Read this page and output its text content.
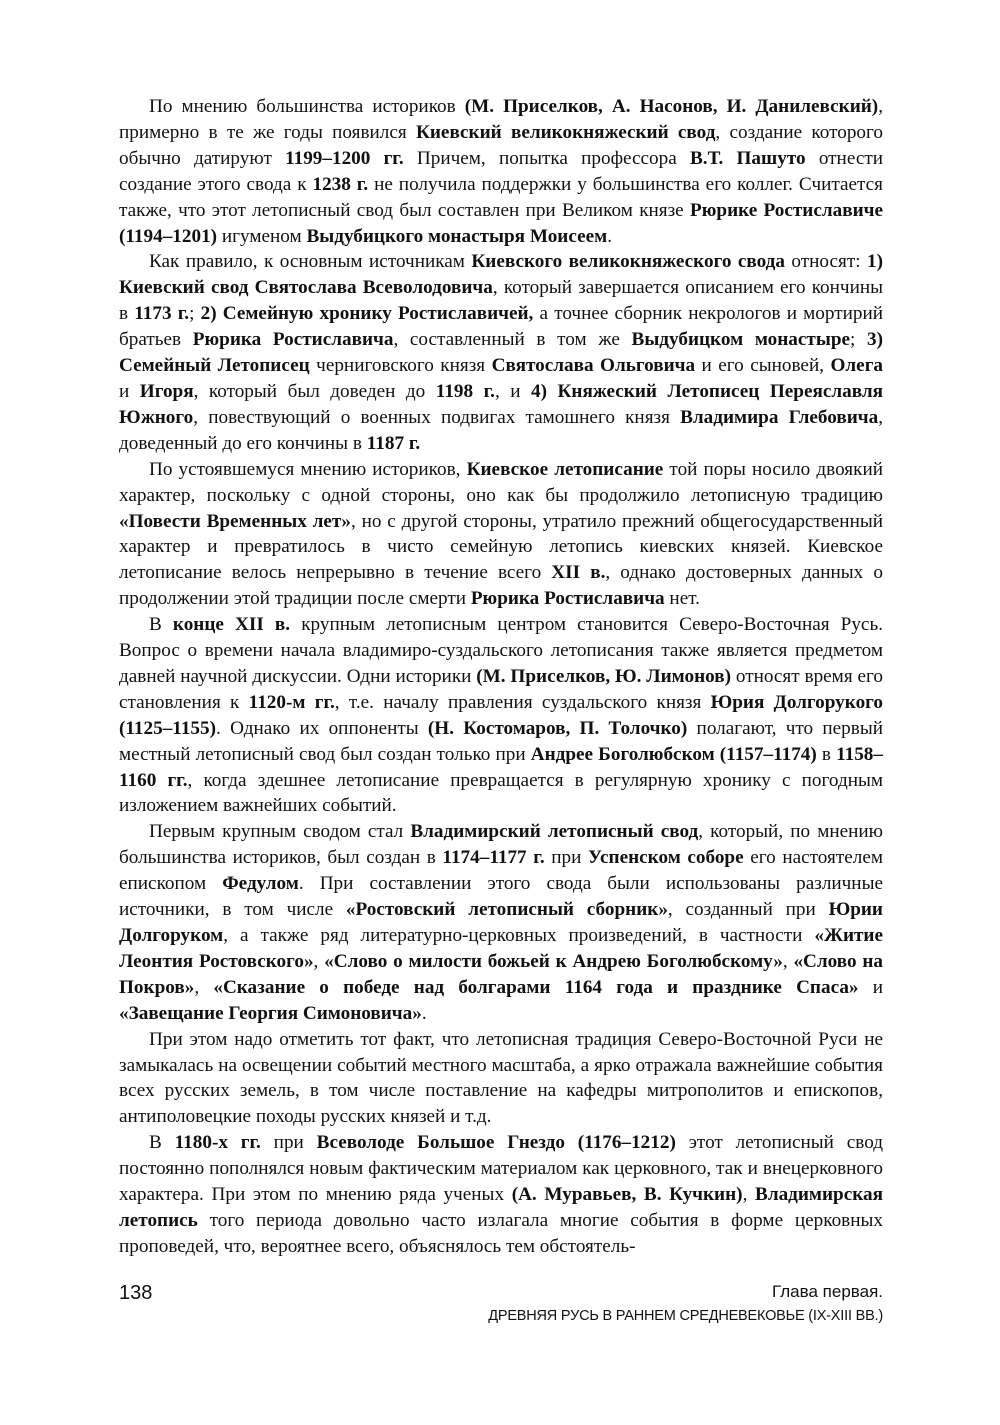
По мнению большинства историков (М. Приселков, А. Насонов, И. Данилевский), примерно в те же годы появился Киевский великокняжеский свод, создание которого обычно датируют 1199–1200 гг. Причем, попытка профессора В.Т. Пашуто отнести создание этого свода к 1238 г. не получила поддержки у большинства его коллег. Считается также, что этот летописный свод был составлен при Великом князе Рюрике Ростиславиче (1194–1201) игуменом Выдубицкого монастыря Моисеем.

Как правило, к основным источникам Киевского великокняжеского свода относят: 1) Киевский свод Святослава Всеволодовича, который завершается описанием его кончины в 1173 г.; 2) Семейную хронику Ростиславичей, а точнее сборник некрологов и мортирий братьев Рюрика Ростиславича, составленный в том же Выдубицком монастыре; 3) Семейный Летописец черниговского князя Святослава Ольговича и его сыновей, Олега и Игоря, который был доведен до 1198 г., и 4) Княжеский Летописец Переяславля Южного, повествующий о военных подвигах тамошнего князя Владимира Глебовича, доведенный до его кончины в 1187 г.

По устоявшемуся мнению историков, Киевское летописание той поры носило двоякий характер, поскольку с одной стороны, оно как бы продолжило летописную традицию «Повести Временных лет», но с другой стороны, утратило прежний общегосударственный характер и превратилось в чисто семейную летопись киевских князей. Киевское летописание велось непрерывно в течение всего XII в., однако достоверных данных о продолжении этой традиции после смерти Рюрика Ростиславича нет.

В конце XII в. крупным летописным центром становится Северо-Восточная Русь. Вопрос о времени начала владимиро-суздальского летописания также является предметом давней научной дискуссии. Одни историки (М. Приселков, Ю. Лимонов) относят время его становления к 1120-м гг., т.е. началу правления суздальского князя Юрия Долгорукого (1125–1155). Однако их оппоненты (Н. Костомаров, П. Толочко) полагают, что первый местный летописный свод был создан только при Андрее Боголюбском (1157–1174) в 1158–1160 гг., когда здешнее летописание превращается в регулярную хронику с погодным изложением важнейших событий.

Первым крупным сводом стал Владимирский летописный свод, который, по мнению большинства историков, был создан в 1174–1177 г. при Успенском соборе его настоятелем епископом Федулом. При составлении этого свода были использованы различные источники, в том числе «Ростовский летописный сборник», созданный при Юрии Долгоруком, а также ряд литературно-церковных произведений, в частности «Житие Леонтия Ростовского», «Слово о милости божьей к Андрею Боголюбскому», «Слово на Покров», «Сказание о победе над болгарами 1164 года и празднике Спаса» и «Завещание Георгия Симоновича».

При этом надо отметить тот факт, что летописная традиция Северо-Восточной Руси не замыкалась на освещении событий местного масштаба, а ярко отражала важнейшие события всех русских земель, в том числе поставление на кафедры митрополитов и епископов, антиполовецкие походы русских князей и т.д.

В 1180-х гг. при Всеволоде Большое Гнездо (1176–1212) этот летописный свод постоянно пополнялся новым фактическим материалом как церковного, так и внецерковного характера. При этом по мнению ряда ученых (А. Муравьев, В. Кучкин), Владимирская летопись того периода довольно часто излагала многие события в форме церковных проповедей, что, вероятнее всего, объяснялось тем обстоятель-

138	Глава первая.
ДРЕВНЯЯ РУСЬ В РАННЕМ СРЕДНЕВЕКОВЬЕ (IX-XIII ВВ.)
